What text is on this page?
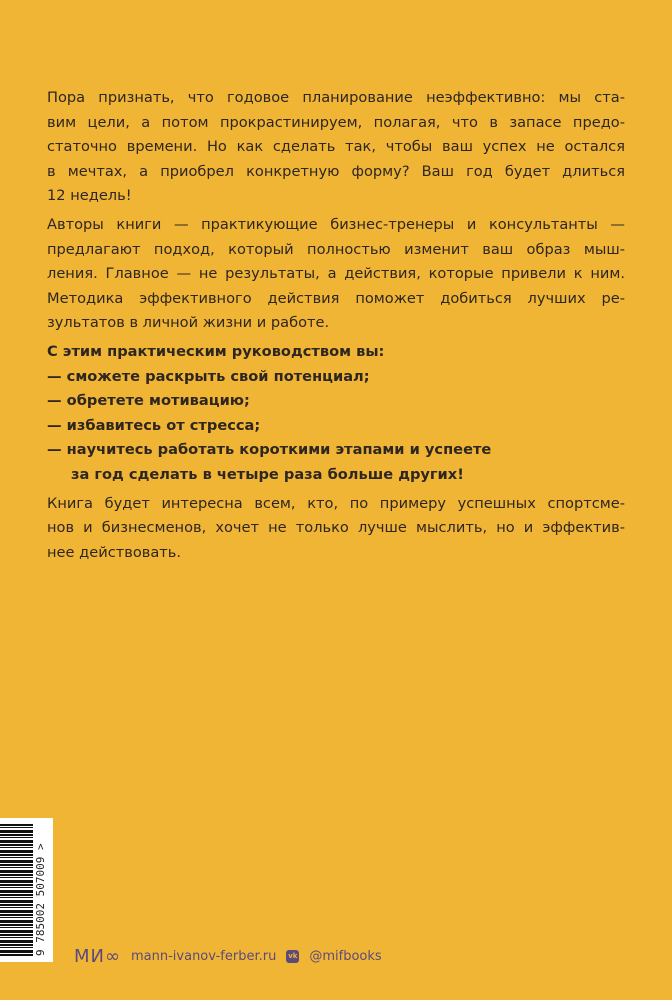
Пора признать, что годовое планирование неэффективно: мы ста-
вим цели, а потом прокрастинируем, полагая, что в запасе предо-
статочно времени. Но как сделать так, чтобы ваш успех не остался
в мечтах, а приобрел конкретную форму? Ваш год будет длиться
12 недель!
Авторы книги — практикующие бизнес-тренеры и консультанты —
предлагают подход, который полностью изменит ваш образ мыш-
ления. Главное — не результаты, а действия, которые привели к ним.
Методика эффективного действия поможет добиться лучших ре-
зультатов в личной жизни и работе.
С этим практическим руководством вы:
— сможете раскрыть свой потенциал;
— обретете мотивацию;
— избавитесь от стресса;
— научитесь работать короткими этапами и успеете
за год сделать в четыре раза больше других!
Книга будет интересна всем, кто, по примеру успешных спортсме-
нов и бизнесменов, хочет не только лучше мыслить, но и эффектив-
нее действовать.
9 785002 507009 >
МИ∞ mann-ivanov-ferber.ru vk @mifbooks
